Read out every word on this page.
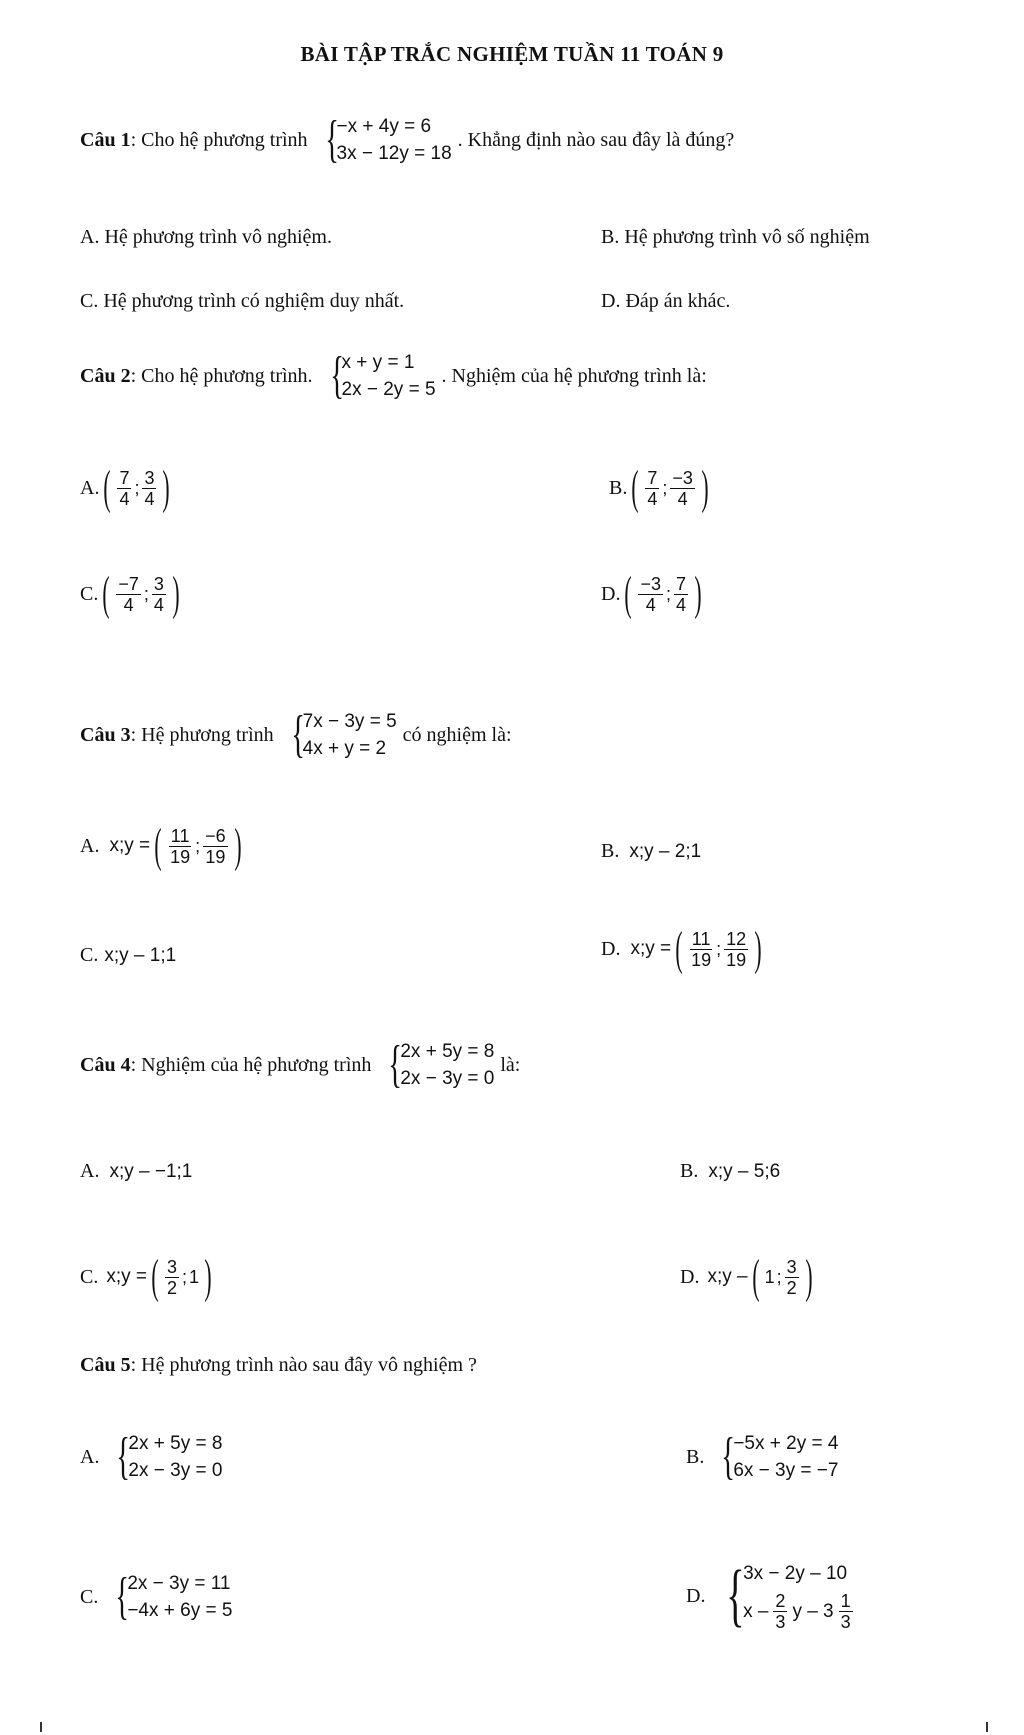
BÀI TẬP TRẮC NGHIỆM TUẦN 11 TOÁN 9
Câu 1: Cho hệ phương trình {
−x + 4y = 6
3x − 12y = 18
. Khẳng định nào sau đây là đúng?
A. Hệ phương trình vô nghiệm.	B. Hệ phương trình vô số nghiệm
C. Hệ phương trình có nghiệm duy nhất.	D. Đáp án khác.
Câu 2: Cho hệ phương trình. {
x + y = 1
2x − 2y = 5
. Nghiệm của hệ phương trình là:
A. ( $\frac{7}{4}$ ; $\frac{3}{4}$ )	B. ( $\frac{7}{4}$ ; $\frac{-3}{4}$ )
C. ( $\frac{-7}{4}$ ; $\frac{3}{4}$ )	D. ( $\frac{-3}{4}$ ; $\frac{7}{4}$ )
Câu 3: Hệ phương trình {
7x − 3y = 5
4x + y = 2
có nghiệm là:
A. x;y = ( $\frac{11}{19}$ ; $\frac{-6}{19}$ )	B. x;y – 2;1
C. x;y – 1;1	D. x;y = ( $\frac{11}{19}$ ; $\frac{12}{19}$ )
Câu 4: Nghiệm của hệ phương trình {
2x + 5y = 8
2x − 3y = 0
là:
A. x;y – −1;1	B. x;y – 5;6
C. x;y = ( $\frac{3}{2}$ ; 1 )	D. x;y – ( 1 ; $\frac{3}{2}$ )
Câu 5: Hệ phương trình nào sau đây vô nghiệm ?
A. {
2x + 5y = 8
2x − 3y = 0
B. {
−5x + 2y = 4
6x − 3y = −7
C. {
2x − 3y = 11
−4x + 6y = 5
D. {
3x − 2y – 10
x – $\frac{2}{3}$ y – $3 \frac{1}{3}$
